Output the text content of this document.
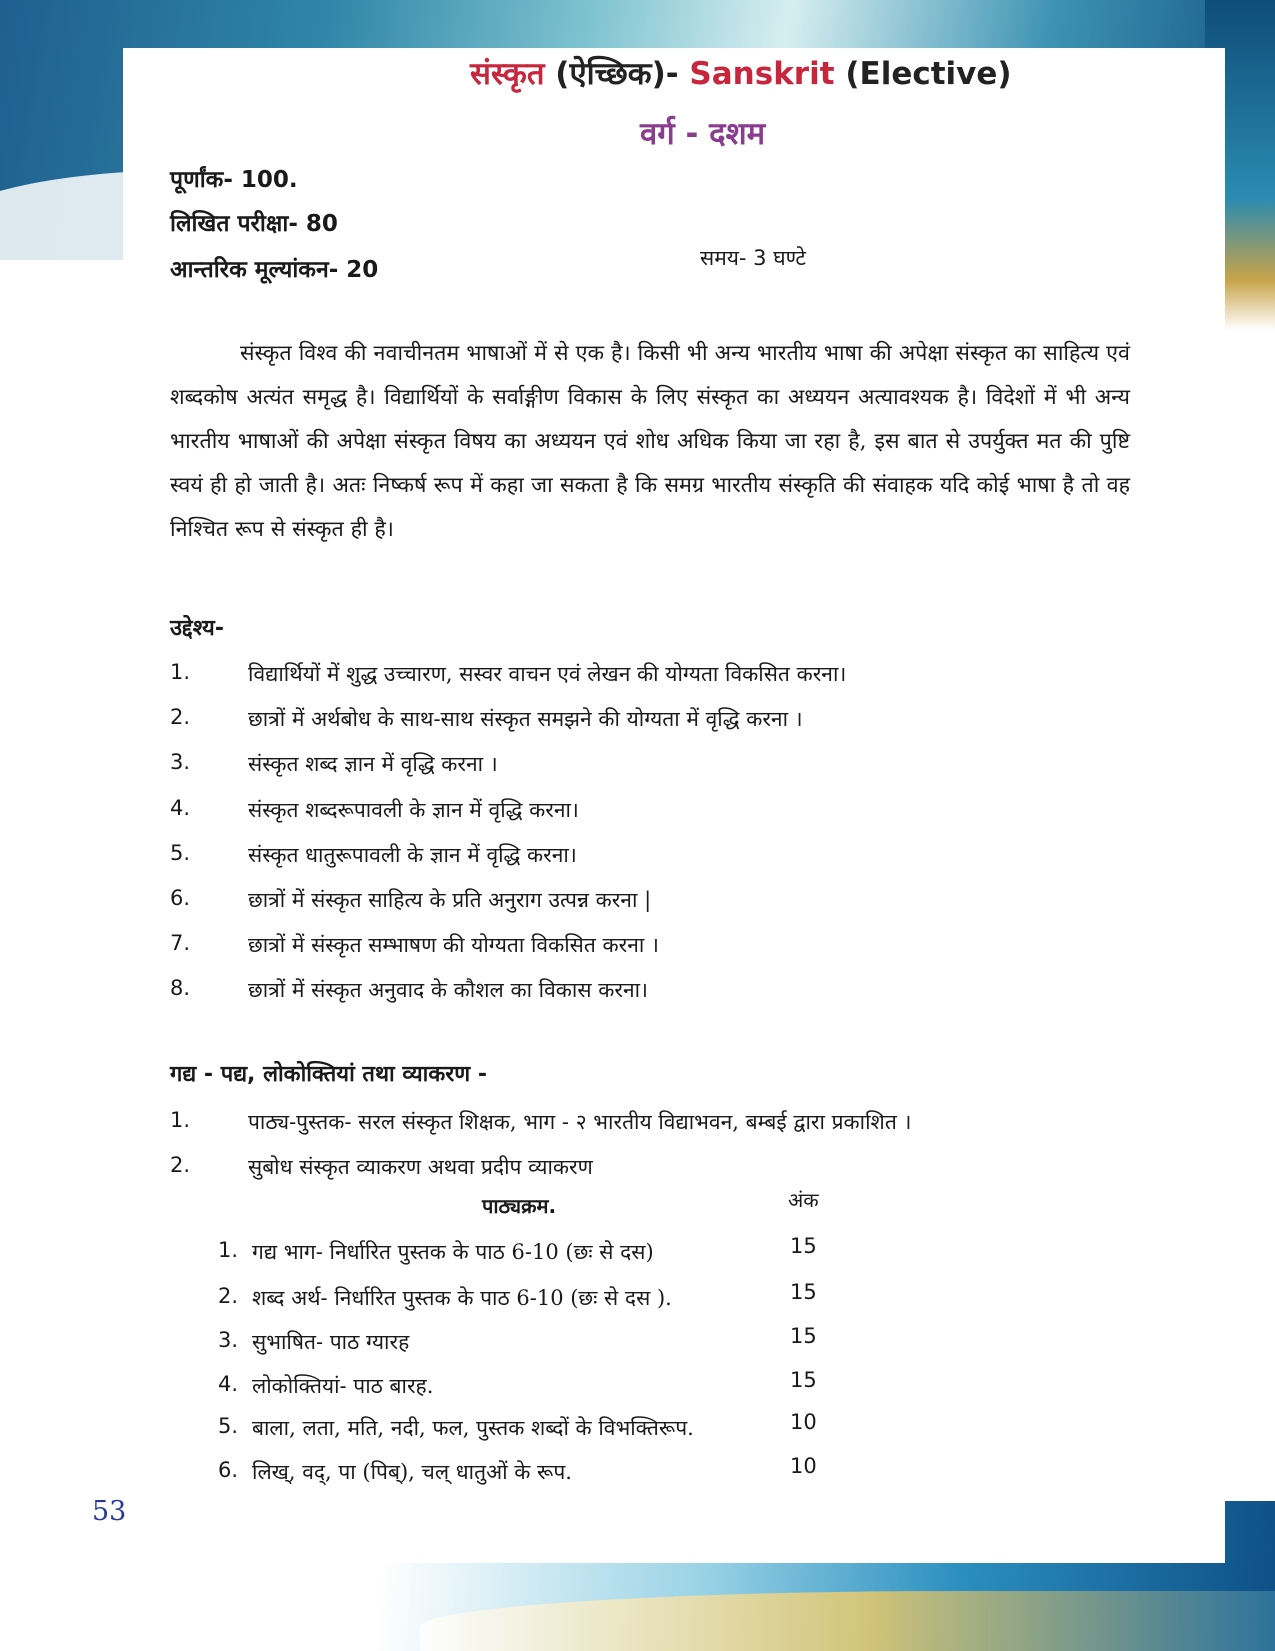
संस्कृत (ऐच्छिक)- Sanskrit (Elective)
वर्ग - दशम
पूर्णांक- 100.
लिखित परीक्षा- 80
आन्तरिक मूल्यांकन- 20	समय- 3 घण्टे
संस्कृत विश्व की नवाचीनतम भाषाओं में से एक है। किसी भी अन्य भारतीय भाषा की अपेक्षा संस्कृत का साहित्य एवं शब्दकोष अत्यंत समृद्ध है। विद्यार्थियों के सर्वाङ्गीण विकास के लिए संस्कृत का अध्ययन अत्यावश्यक है। विदेशों में भी अन्य भारतीय भाषाओं की अपेक्षा संस्कृत विषय का अध्ययन एवं शोध अधिक किया जा रहा है, इस बात से उपर्युक्त मत की पुष्टि स्वयं ही हो जाती है। अतः निष्कर्ष रूप में कहा जा सकता है कि समग्र भारतीय संस्कृति की संवाहक यदि कोई भाषा है तो वह निश्चित रूप से संस्कृत ही है।
उद्देश्य-
1.	विद्यार्थियों में शुद्ध उच्चारण, सस्वर वाचन एवं लेखन की योग्यता विकसित करना।
2.	छात्रों में अर्थबोध के साथ-साथ संस्कृत समझने की योग्यता में वृद्धि करना ।
3.	संस्कृत शब्द ज्ञान में वृद्धि करना ।
4.	संस्कृत शब्दरूपावली के ज्ञान में वृद्धि करना।
5.	संस्कृत धातुरूपावली के ज्ञान में वृद्धि करना।
6.	छात्रों में संस्कृत साहित्य के प्रति अनुराग उत्पन्न करना |
7.	छात्रों में संस्कृत सम्भाषण की योग्यता विकसित करना ।
8.	छात्रों में संस्कृत अनुवाद के कौशल का विकास करना।
गद्य - पद्य, लोकोक्तियां तथा व्याकरण -
1.	पाठ्य-पुस्तक- सरल संस्कृत शिक्षक, भाग - २ भारतीय विद्याभवन, बम्बई द्वारा प्रकाशित ।
2.	सुबोध संस्कृत व्याकरण अथवा प्रदीप व्याकरण
पाठ्यक्रम.	अंक
1. गद्य भाग- निर्धारित पुस्तक के पाठ 6-10 (छः से दस)	15
2. शब्द अर्थ- निर्धारित पुस्तक के पाठ 6-10 (छः से दस ).	15
3. सुभाषित- पाठ ग्यारह	15
4. लोकोक्तियां- पाठ बारह.	15
5. बाला, लता, मति, नदी, फल, पुस्तक शब्दों के विभक्तिरूप.	10
6. लिख्, वद्, पा (पिब्), चल् धातुओं के रूप.	10
53
